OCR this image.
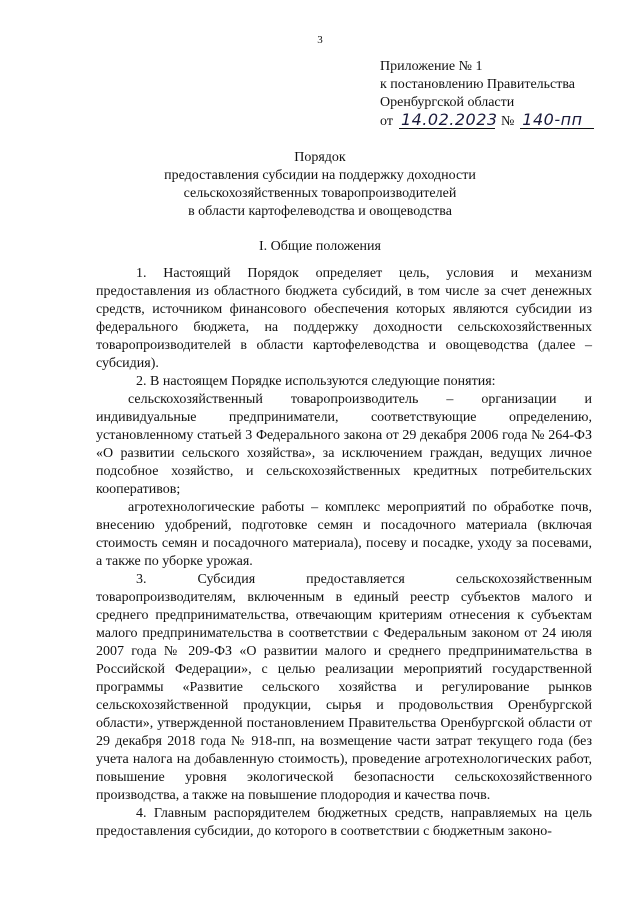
3
Приложение № 1
к постановлению Правительства
Оренбургской области
от 14.02.2023 № 140-пп
Порядок
предоставления субсидии на поддержку доходности
сельскохозяйственных товаропроизводителей
в области картофелеводства и овощеводства
I. Общие положения

1. Настоящий Порядок определяет цель, условия и механизм предоставления из областного бюджета субсидий, в том числе за счет денежных средств, источником финансового обеспечения которых являются субсидии из федерального бюджета, на поддержку доходности сельскохозяйственных товаропроизводителей в области картофелеводства и овощеводства (далее – субсидия).

2. В настоящем Порядке используются следующие понятия:

сельскохозяйственный товаропроизводитель – организации и индивидуальные предприниматели, соответствующие определению, установленному статьей 3 Федерального закона от 29 декабря 2006 года № 264-ФЗ «О развитии сельского хозяйства», за исключением граждан, ведущих личное подсобное хозяйство, и сельскохозяйственных кредитных потребительских кооперативов;

агротехнологические работы – комплекс мероприятий по обработке почв, внесению удобрений, подготовке семян и посадочного материала (включая стоимость семян и посадочного материала), посеву и посадке, уходу за посевами, а также по уборке урожая.

3. Субсидия предоставляется сельскохозяйственным товаропроизводителям, включенным в единый реестр субъектов малого и среднего предпринимательства, отвечающим критериям отнесения к субъектам малого предпринимательства в соответствии с Федеральным законом от 24 июля 2007 года № 209-ФЗ «О развитии малого и среднего предпринимательства в Российской Федерации», с целью реализации мероприятий государственной программы «Развитие сельского хозяйства и регулирование рынков сельскохозяйственной продукции, сырья и продовольствия Оренбургской области», утвержденной постановлением Правительства Оренбургской области от 29 декабря 2018 года № 918-пп, на возмещение части затрат текущего года (без учета налога на добавленную стоимость), проведение агротехнологических работ, повышение уровня экологической безопасности сельскохозяйственного производства, а также на повышение плодородия и качества почв.

4. Главным распорядителем бюджетных средств, направляемых на цель предоставления субсидии, до которого в соответствии с бюджетным законо-
